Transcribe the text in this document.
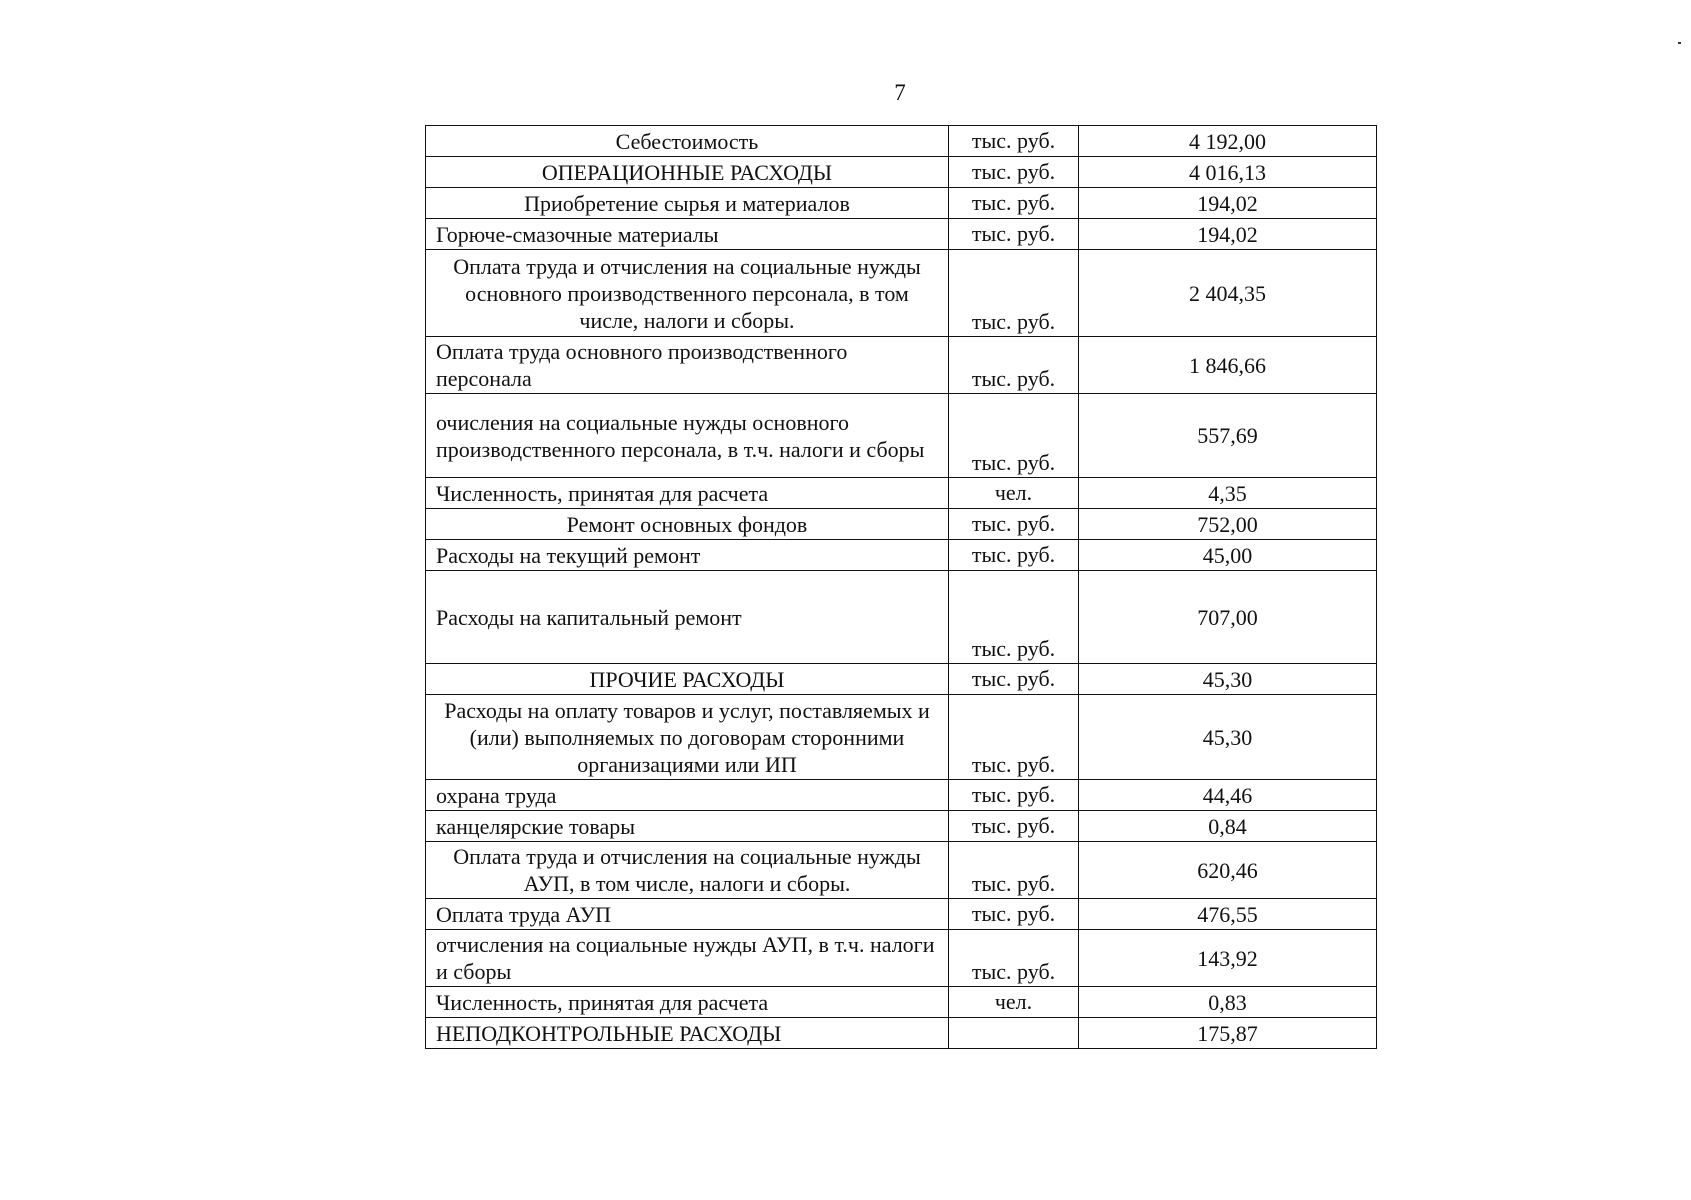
7
Себестоимость	тыс. руб.	4 192,00
ОПЕРАЦИОННЫЕ РАСХОДЫ	тыс. руб.	4 016,13
Приобретение сырья и материалов	тыс. руб.	194,02
Горюче-смазочные материалы	тыс. руб.	194,02
Оплата труда и отчисления на социальные нужды основного производственного персонала, в том числе, налоги и сборы.	тыс. руб.	2 404,35
Оплата труда основного производственного персонала	тыс. руб.	1 846,66
очисления на социальные нужды основного производственного персонала, в т.ч. налоги и сборы	тыс. руб.	557,69
Численность, принятая для расчета	чел.	4,35
Ремонт основных фондов	тыс. руб.	752,00
Расходы на текущий ремонт	тыс. руб.	45,00
Расходы на капитальный ремонт	тыс. руб.	707,00
ПРОЧИЕ РАСХОДЫ	тыс. руб.	45,30
Расходы на оплату товаров и услуг, поставляемых и (или) выполняемых по договорам сторонними организациями или ИП	тыс. руб.	45,30
охрана труда	тыс. руб.	44,46
канцелярские товары	тыс. руб.	0,84
Оплата труда и отчисления на социальные нужды АУП, в том числе, налоги и сборы.	тыс. руб.	620,46
Оплата труда АУП	тыс. руб.	476,55
отчисления на социальные нужды АУП, в т.ч. налоги и сборы	тыс. руб.	143,92
Численность, принятая для расчета	чел.	0,83
НЕПОДКОНТРОЛЬНЫЕ РАСХОДЫ		175,87
